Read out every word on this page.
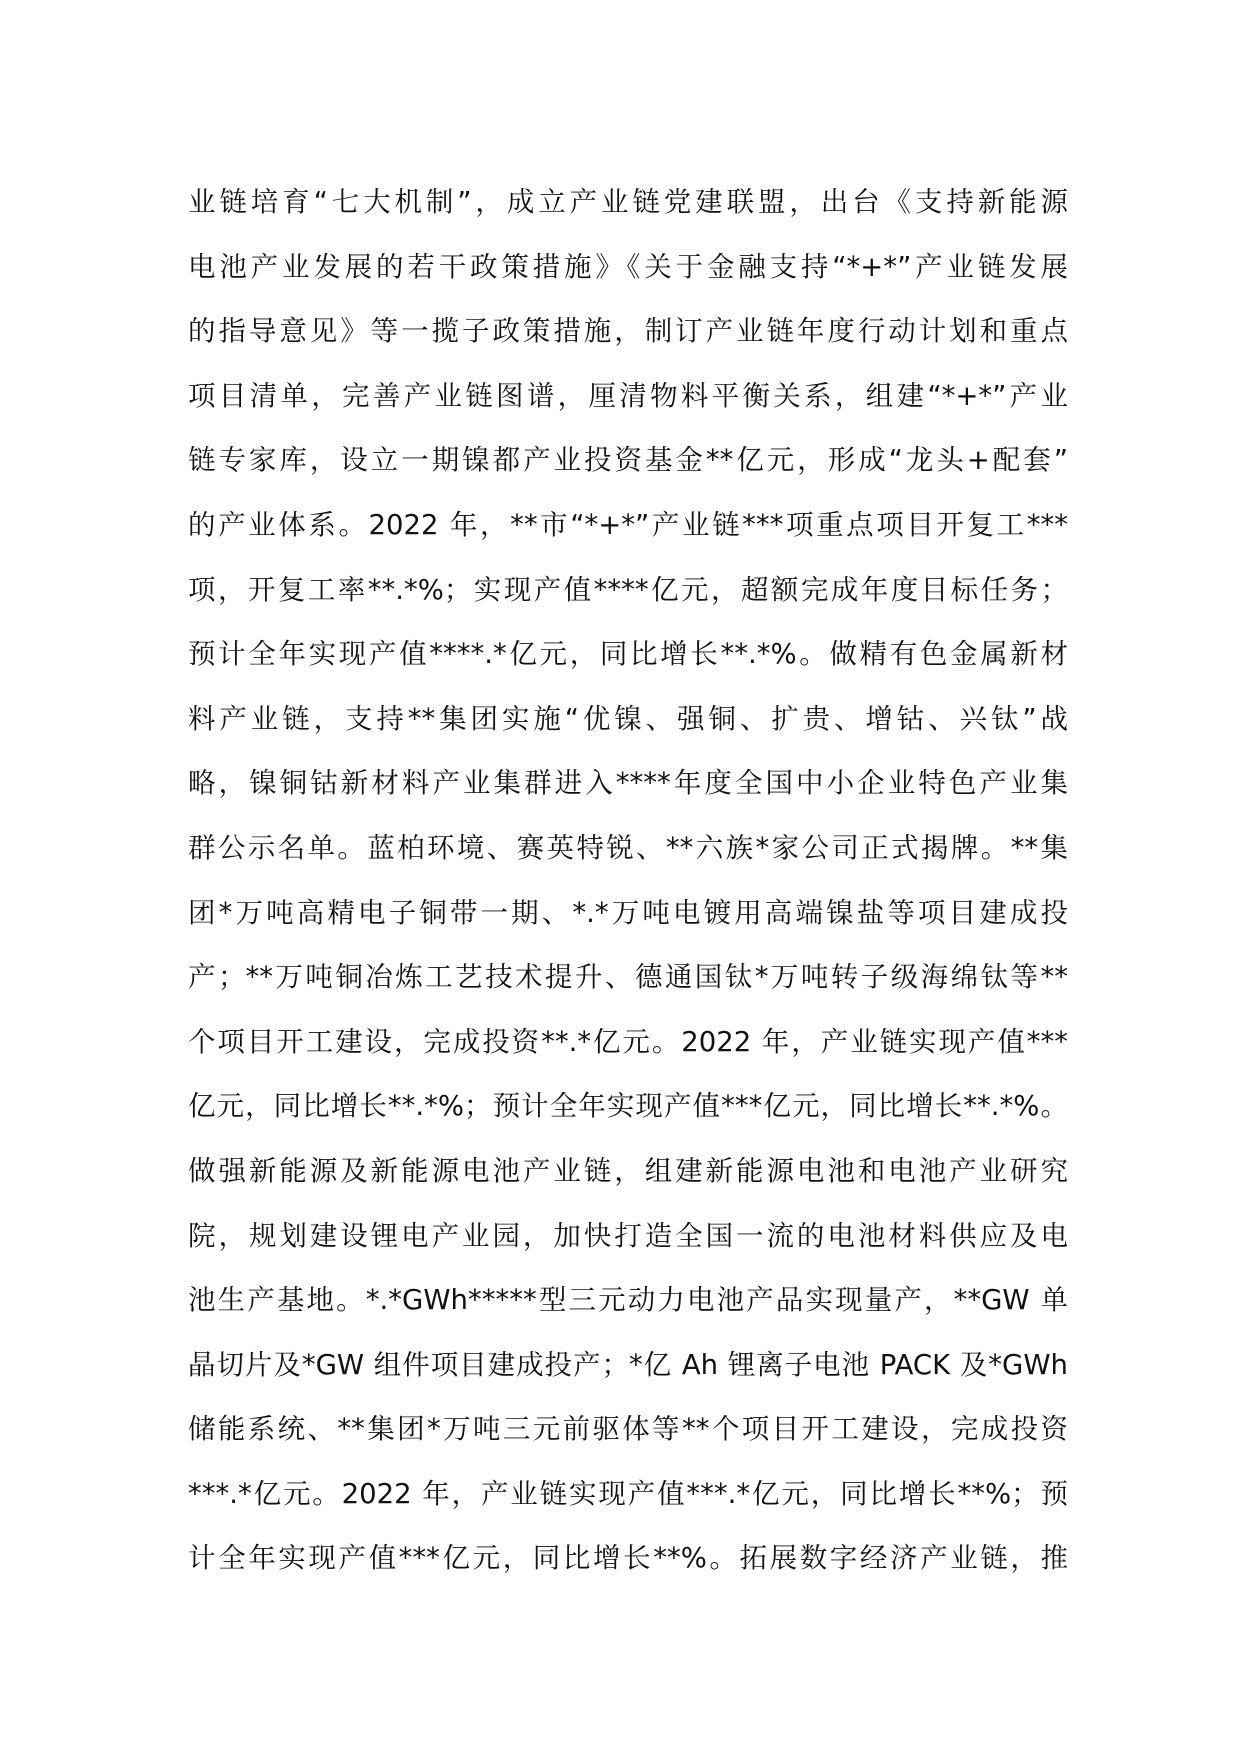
业链培育“七大机制”，成立产业链党建联盟，出台《支持新能源
电池产业发展的若干政策措施》《关于金融支持“*+*”产业链发展
的指导意见》等一揽子政策措施，制订产业链年度行动计划和重点
项目清单，完善产业链图谱，厘清物料平衡关系，组建“*+*”产业
链专家库，设立一期镍都产业投资基金**亿元，形成“龙头+配套”
的产业体系。2022 年，**市“*+*”产业链***项重点项目开复工***
项，开复工率**.*%；实现产值****亿元，超额完成年度目标任务；
预计全年实现产值****.*亿元，同比增长**.*%。做精有色金属新材
料产业链，支持**集团实施“优镍、强铜、扩贵、增钴、兴钛”战
略，镍铜钴新材料产业集群进入****年度全国中小企业特色产业集
群公示名单。蓝柏环境、赛英特锐、**六族*家公司正式揭牌。**集
团*万吨高精电子铜带一期、*.*万吨电镀用高端镍盐等项目建成投
产；**万吨铜冶炼工艺技术提升、德通国钛*万吨转子级海绵钛等**
个项目开工建设，完成投资**.*亿元。2022 年，产业链实现产值***
亿元，同比增长**.*%；预计全年实现产值***亿元，同比增长**.*%。
做强新能源及新能源电池产业链，组建新能源电池和电池产业研究
院，规划建设锂电产业园，加快打造全国一流的电池材料供应及电
池生产基地。*.*GWh*****型三元动力电池产品实现量产，**GW 单
晶切片及*GW 组件项目建成投产；*亿 Ah 锂离子电池 PACK 及*GWh
储能系统、**集团*万吨三元前驱体等**个项目开工建设，完成投资
***.*亿元。2022 年，产业链实现产值***.*亿元，同比增长**%；预
计全年实现产值***亿元，同比增长**%。拓展数字经济产业链，推
